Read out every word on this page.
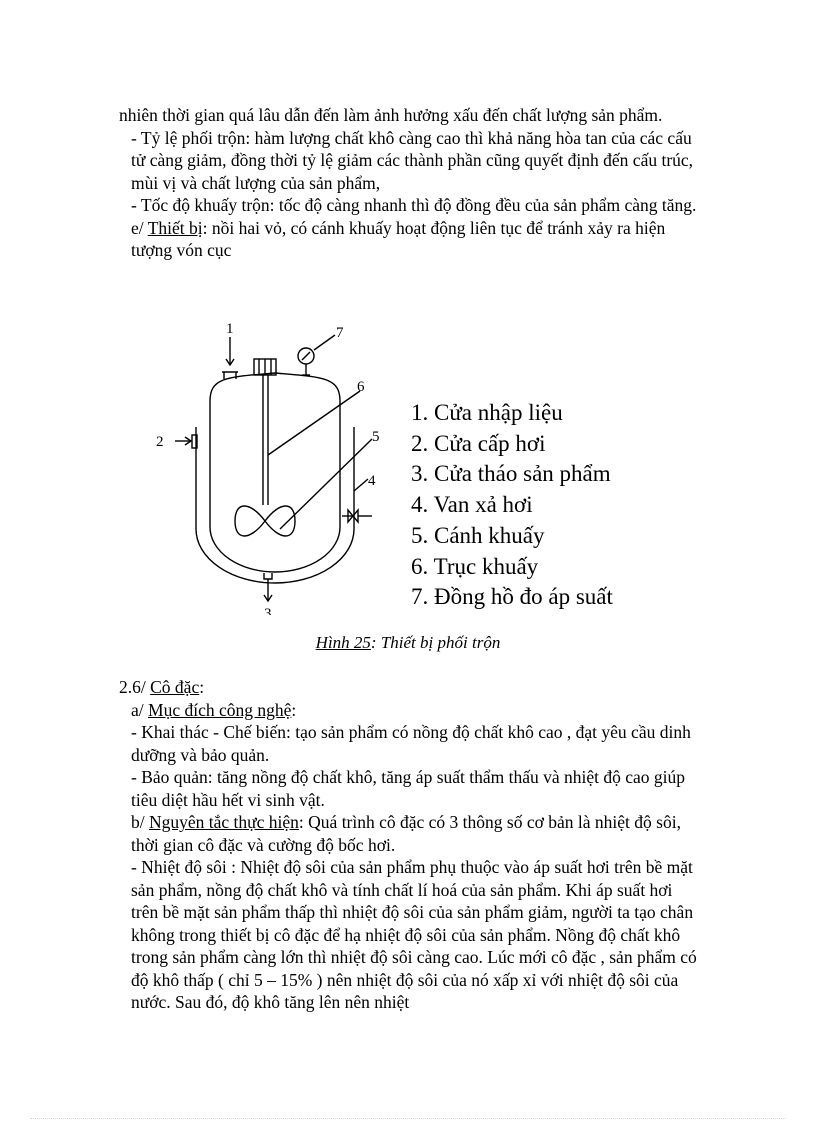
nhiên thời gian quá lâu dẫn đến làm ảnh hưởng xấu đến chất lượng sản phẩm.

- Tỷ lệ phối trộn: hàm lượng chất khô càng cao thì khả năng hòa tan của các cấu tử càng giảm, đồng thời tỷ lệ giảm các thành phần cũng quyết định đến cấu trúc, mùi vị và chất lượng của sản phẩm,

- Tốc độ khuấy trộn: tốc độ càng nhanh thì độ đồng đều của sản phẩm càng tăng.

e/ Thiết bị: nồi hai vỏ, có cánh khuấy hoạt động liên tục để tránh xảy ra hiện tượng vón cục

1
2
3
4
5
6
7
1. Cửa nhập liệu
2. Cửa cấp hơi
3. Cửa tháo sản phẩm
4. Van xả hơi
5. Cánh khuấy
6. Trục khuấy
7. Đồng hồ đo áp suất
Hình 25: Thiết bị phối trộn

2.6/ Cô đặc:

a/ Mục đích công nghệ:

- Khai thác - Chế biến: tạo sản phẩm có nồng độ chất khô cao , đạt yêu cầu dinh dưỡng và bảo quản.

- Bảo quản: tăng nồng độ chất khô, tăng áp suất thẩm thấu và nhiệt độ cao giúp tiêu diệt hầu hết vi sinh vật.

b/ Nguyên tắc thực hiện: Quá trình cô đặc có 3 thông số cơ bản là nhiệt độ sôi, thời gian cô đặc và cường độ bốc hơi.

- Nhiệt độ sôi : Nhiệt độ sôi của sản phẩm phụ thuộc vào áp suất hơi trên bề mặt sản phẩm, nồng độ chất khô và tính chất lí hoá của sản phẩm. Khi áp suất hơi trên bề mặt sản phẩm thấp thì nhiệt độ sôi của sản phẩm giảm, người ta tạo chân không trong thiết bị cô đặc để hạ nhiệt độ sôi của sản phẩm. Nồng độ chất khô trong sản phẩm càng lớn thì nhiệt độ sôi càng cao. Lúc mới cô đặc , sản phẩm có độ khô thấp ( chỉ 5 – 15% ) nên nhiệt độ sôi của nó xấp xỉ với nhiệt độ sôi của nước. Sau đó, độ khô tăng lên nên nhiệt
